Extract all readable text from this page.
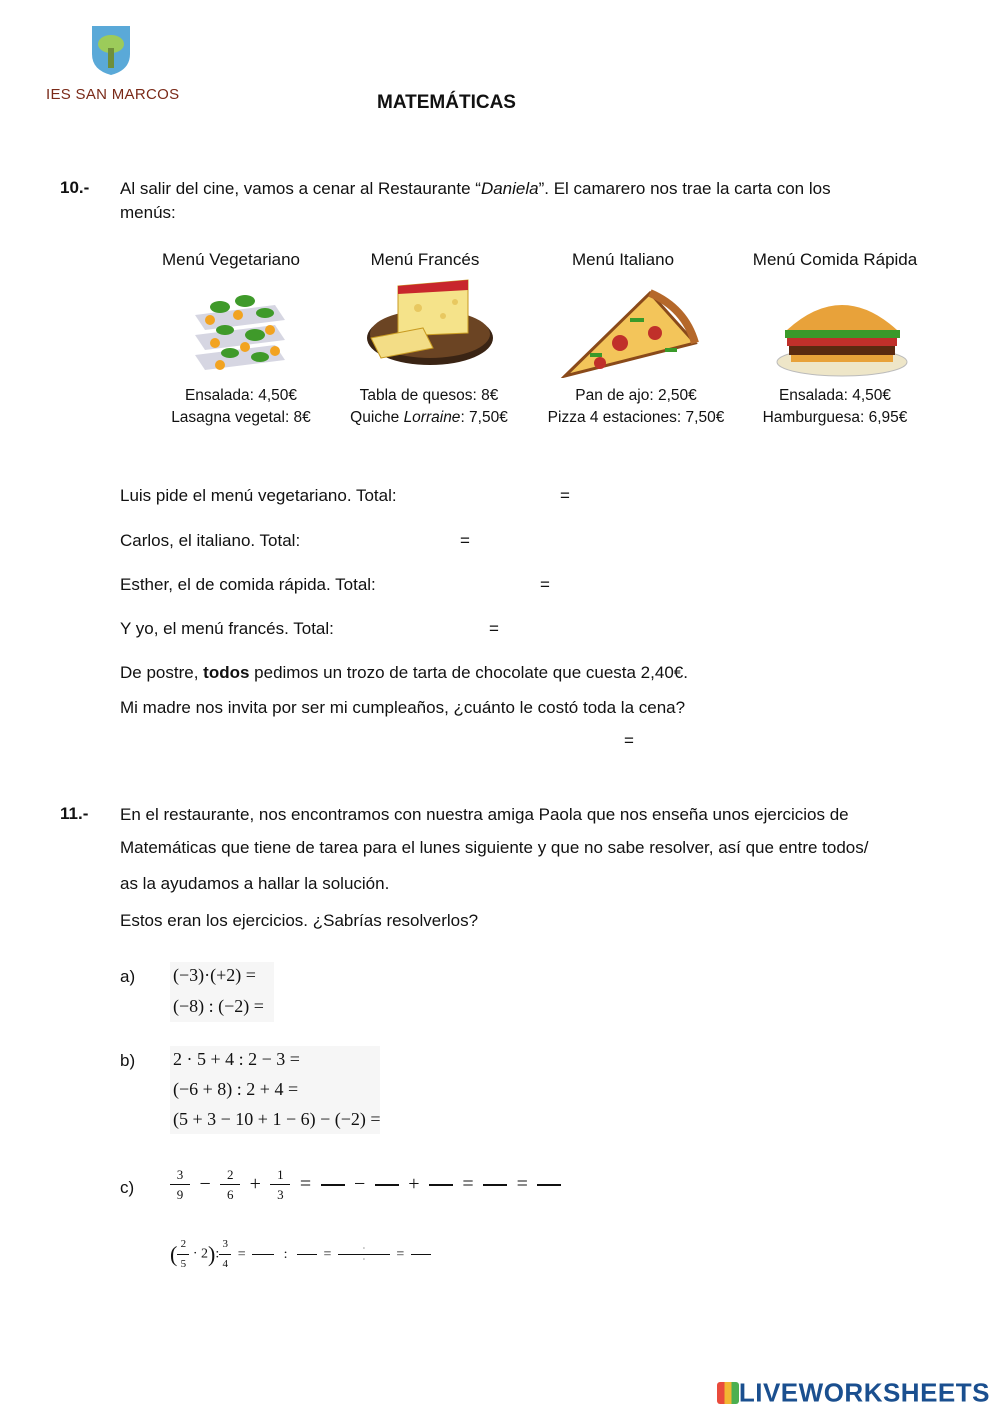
IES SAN MARCOS	MATEMÁTICAS
10.- Al salir del cine, vamos a cenar al Restaurante “Daniela”. El camarero nos trae la carta con los
menús:
Menú Vegetariano	Menú Francés	Menú Italiano	Menú Comida Rápida
Ensalada: 4,50€
Lasagna vegetal: 8€
Tabla de quesos: 8€
Quiche Lorraine: 7,50€
Pan de ajo: 2,50€
Pizza 4 estaciones: 7,50€
Ensalada: 4,50€
Hamburguesa: 6,95€
Luis pide el menú vegetariano. Total:	=
Carlos, el italiano. Total:	=
Esther, el de comida rápida. Total:	=
Y yo, el menú francés. Total:	=
De postre, todos pedimos un trozo de tarta de chocolate que cuesta 2,40€.
Mi madre nos invita por ser mi cumpleaños, ¿cuánto le costó toda la cena?
=
11.- En el restaurante, nos encontramos con nuestra amiga Paola que nos enseña unos ejercicios de
Matemáticas que tiene de tarea para el lunes siguiente y que no sabe resolver, así que entre todos/
as la ayudamos a hallar la solución.
Estos eran los ejercicios. ¿Sabrías resolverlos?
a) (−3)·(+2) =
(−8) : (−2) =
b) 2 · 5 + 4 : 2 − 3 =
(−6 + 8) : 2 + 4 =
(5 + 3 − 10 + 1 − 6) − (−2) =
c)	$\frac{3}{9} - \frac{2}{6} + \frac{1}{3}$ = − + = =
( $\frac{2}{5} \cdot 2$): $\frac{3}{4}$ =	:	=	·
· =
LIVEWORKSHEETS
